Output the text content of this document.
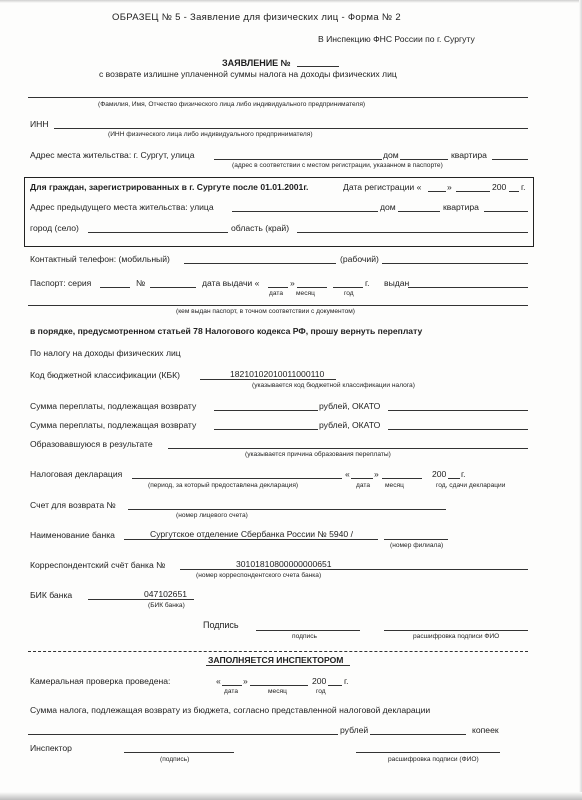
ОБРАЗЕЦ № 5 - Заявление для физических лиц - Форма № 2
В Инспекцию ФНС России по г. Сургуту
ЗАЯВЛЕНИЕ №
с возврате излишне уплаченной суммы налога на доходы физических лиц
(Фамилия, Имя, Отчество физического лица либо индивидуального предпринимателя)
ИНН
(ИНН физического лица либо индивидуального предпринимателя)
Адрес места жительства: г. Сургут, улица	дом	квартира
(адрес в соответствии с местом регистрации, указанном в паспорте)
Для граждан, зарегистрированных в г. Сургуте после 01.01.2001г.	Дата регистрации «	»	200 г.
Адрес предыдущего места жительства: улица	дом	квартира
город (село)	область (край)
Контактный телефон: (мобильный)	(рабочий)
Паспорт: серия	№	дата выдачи «	»	г. выдан
дата месяц	год
(кем выдан паспорт, в точном соответствии с документом)
в порядке, предусмотренном статьей 78 Налогового кодекса РФ, прошу вернуть переплату
По налогу на доходы физических лиц
Код бюджетной классификации (КБК)	18210102010011000110
(указывается код бюджетной классификации налога)
Сумма переплаты, подлежащая возврату	рублей, ОКАТО
Сумма переплаты, подлежащая возврату	рублей, ОКАТО
Образовавшуюся в результате
(указывается причина образования переплаты)
Налоговая декларация	«	»	200 г.
(период, за который предоставлена декларация)	дата месяц	год, сдачи декларации
Счет для возврата №
(номер лицевого счета)
Наименование банка	Сургутское отделение Сбербанка России № 5940 /
(номер филиала)
Корреспондентский счёт банка №	30101810800000000651
(номер корреспондентского счета банка)
БИК банка	047102651
(БИК банка)
Подпись
подпись	расшифровка подписи ФИО
ЗАПОЛНЯЕТСЯ ИНСПЕКТОРОМ
Камеральная проверка проведена:	«	»	200 г.
дата	месяц	год
Сумма налога, подлежащая возврату из бюджета, согласно представленной налоговой декларации
рублей	копеек
Инспектор
(подпись)	расшифровка подписи (ФИО)
